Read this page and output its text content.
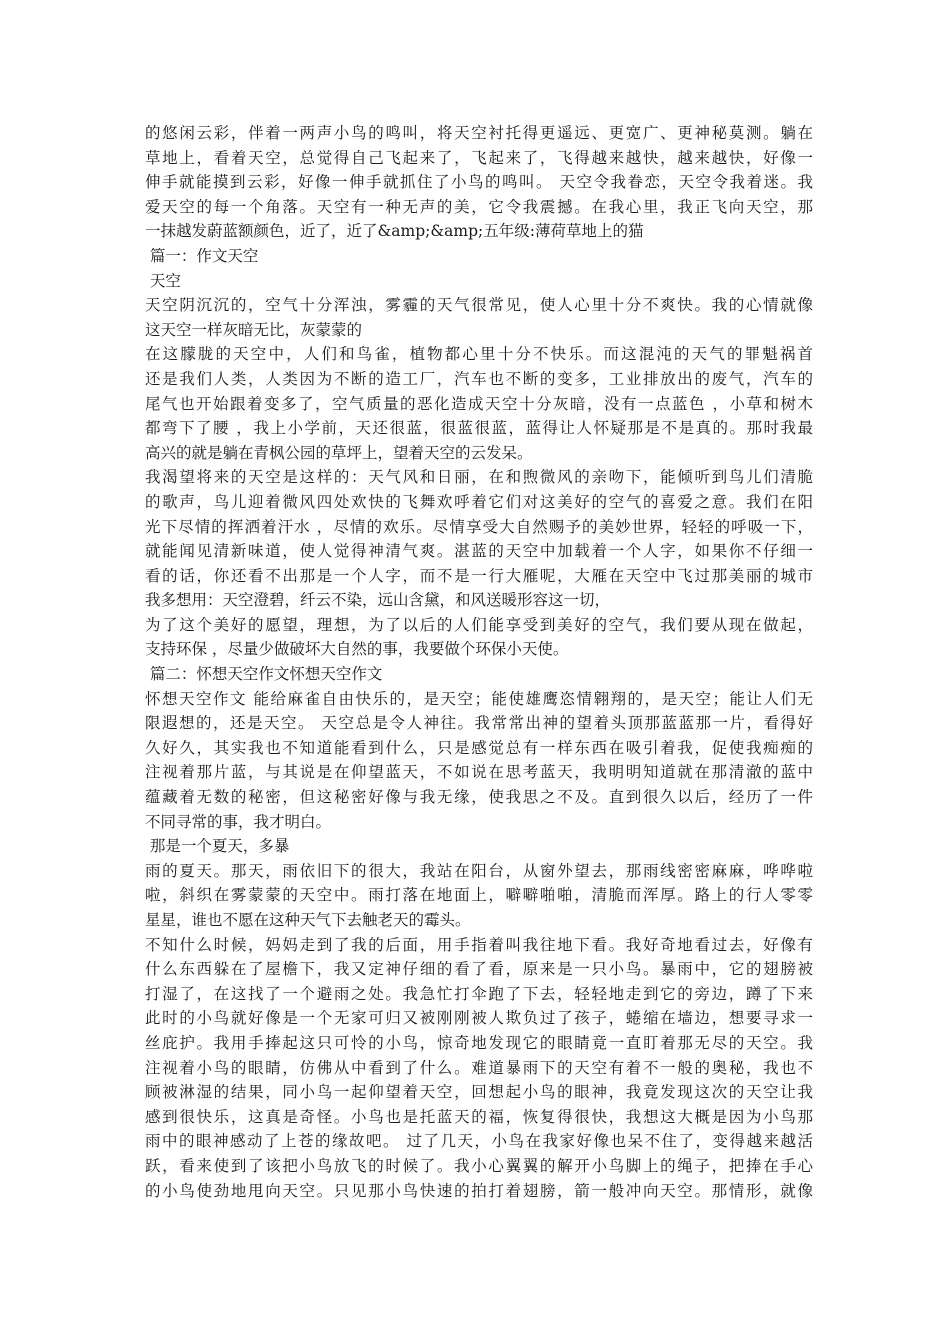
的悠闲云彩，伴着一两声小鸟的鸣叫，将天空衬托得更遥远、更宽广、更神秘莫测。躺在
草地上，看着天空，总觉得自己飞起来了，飞起来了，飞得越来越快，越来越快，好像一
伸手就能摸到云彩，好像一伸手就抓住了小鸟的鸣叫。 天空令我眷恋，天空令我着迷。我
爱天空的每一个角落。天空有一种无声的美，它令我震撼。在我心里，我正飞向天空，那
一抹越发蔚蓝额颜色，近了，近了&amp;&amp;五年级:薄荷草地上的猫
篇一：作文天空
天空
天空阴沉沉的，空气十分浑浊，雾霾的天气很常见，使人心里十分不爽快。我的心情就像
这天空一样灰暗无比，灰蒙蒙的
在这朦胧的天空中，人们和鸟雀，植物都心里十分不快乐。而这混沌的天气的罪魁祸首
还是我们人类，人类因为不断的造工厂，汽车也不断的变多，工业排放出的废气，汽车的
尾气也开始跟着变多了，空气质量的恶化造成天空十分灰暗，没有一点蓝色 ，小草和树木
都弯下了腰 ，我上小学前，天还很蓝，很蓝很蓝，蓝得让人怀疑那是不是真的。那时我最
高兴的就是躺在青枫公园的草坪上，望着天空的云发呆。
我渴望将来的天空是这样的：天气风和日丽，在和煦微风的亲吻下，能倾听到鸟儿们清脆
的歌声，鸟儿迎着微风四处欢快的飞舞欢呼着它们对这美好的空气的喜爱之意。我们在阳
光下尽情的挥洒着汗水 ，尽情的欢乐。尽情享受大自然赐予的美妙世界，轻轻的呼吸一下，
就能闻见清新味道，使人觉得神清气爽。湛蓝的天空中加载着一个人字，如果你不仔细一
看的话，你还看不出那是一个人字，而不是一行大雁呢，大雁在天空中飞过那美丽的城市
我多想用：天空澄碧，纤云不染，远山含黛，和风送暖形容这一切，
为了这个美好的愿望，理想，为了以后的人们能享受到美好的空气，我们要从现在做起，
支持环保 ，尽量少做破坏大自然的事，我要做个环保小天使。
篇二：怀想天空作文怀想天空作文
怀想天空作文 能给麻雀自由快乐的，是天空；能使雄鹰恣情翱翔的，是天空；能让人们无
限遐想的，还是天空。 天空总是令人神往。我常常出神的望着头顶那蓝蓝那一片，看得好
久好久，其实我也不知道能看到什么，只是感觉总有一样东西在吸引着我，促使我痴痴的
注视着那片蓝，与其说是在仰望蓝天，不如说在思考蓝天，我明明知道就在那清澈的蓝中
蕴藏着无数的秘密，但这秘密好像与我无缘，使我思之不及。直到很久以后，经历了一件
不同寻常的事，我才明白。
那是一个夏天，多暴
雨的夏天。那天，雨依旧下的很大，我站在阳台，从窗外望去，那雨线密密麻麻，哗哗啦
啦，斜织在雾蒙蒙的天空中。雨打落在地面上，噼噼啪啪，清脆而浑厚。路上的行人零零
星星，谁也不愿在这种天气下去触老天的霉头。
不知什么时候，妈妈走到了我的后面，用手指着叫我往地下看。我好奇地看过去，好像有
什么东西躲在了屋檐下，我又定神仔细的看了看，原来是一只小鸟。暴雨中，它的翅膀被
打湿了，在这找了一个避雨之处。我急忙打伞跑了下去，轻轻地走到它的旁边，蹲了下来
此时的小鸟就好像是一个无家可归又被刚刚被人欺负过了孩子，蜷缩在墙边，想要寻求一
丝庇护。我用手捧起这只可怜的小鸟，惊奇地发现它的眼睛竟一直盯着那无尽的天空。我
注视着小鸟的眼睛，仿佛从中看到了什么。难道暴雨下的天空有着不一般的奥秘，我也不
顾被淋湿的结果，同小鸟一起仰望着天空，回想起小鸟的眼神，我竟发现这次的天空让我
感到很快乐，这真是奇怪。小鸟也是托蓝天的福，恢复得很快，我想这大概是因为小鸟那
雨中的眼神感动了上苍的缘故吧。 过了几天，小鸟在我家好像也呆不住了，变得越来越活
跃，看来使到了该把小鸟放飞的时候了。我小心翼翼的解开小鸟脚上的绳子，把捧在手心
的小鸟使劲地甩向天空。只见那小鸟快速的拍打着翅膀，箭一般冲向天空。那情形，就像
